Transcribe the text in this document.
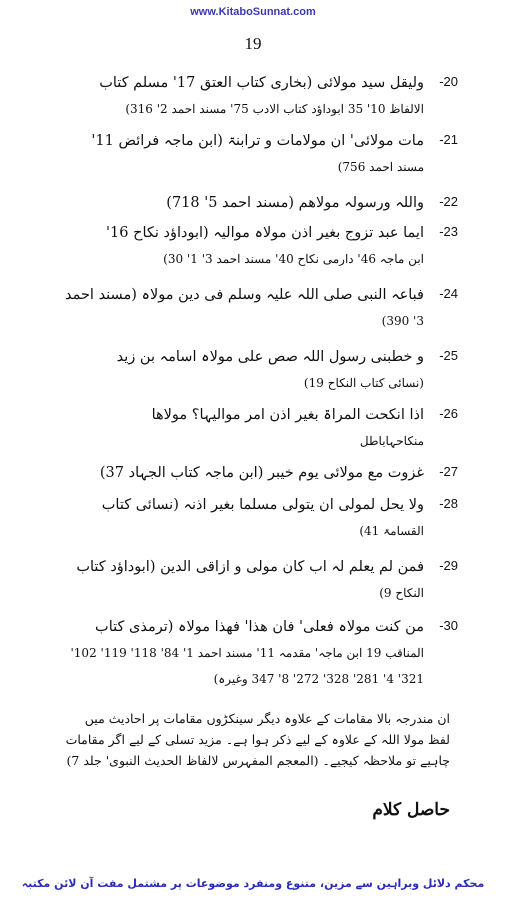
www.KitaboSunnat.com
19
-20
ولیقل سید مولائی (بخاری کتاب العتق 17' مسلم کتاب
الالفاظ 10' 35 ابوداؤد کتاب الادب 75' مسند احمد 2' 316)
-21
مات مولائی' ان مولامات و ترابنۃ (ابن ماجہ فرائض 11'
مسند احمد 756)
-22
واللہ ورسولہ مولاھم (مسند احمد 5' 718)
-23
ایما عبد تزوج بغیر اذن مولاہ موالیہ (ابوداؤد نکاح 16'
ابن ماجہ 46' دارمی نکاح 40' مسند احمد 3' 1' 30)
-24
فباعہ النبی صلی اللہ علیہ وسلم فی دین مولاہ (مسند احمد
3' 390)
-25
و خطبنی رسول اللہ صص علی مولاہ اسامہ بن زید
(نسائی کتاب النکاح 19)
-26
اذا انکحت المراۃ بغیر اذن امر موالیہا؟ مولاھا
منکاحہاباطل
-27
غزوت مع مولائی یوم خیبر (ابن ماجہ کتاب الجہاد 37)
-28
ولا یحل لمولی ان یتولی مسلما بغیر اذنہ (نسائی کتاب
القسامۃ 41)
-29
فمن لم یعلم لہ اب کان مولی و ازاقی الدین (ابوداؤد کتاب
النکاح 9)
-30
من کنت مولاہ فعلی' فان ھذا' فھذا مولاہ (ترمذی کتاب
المناقب 19 ابن ماجہ' مقدمہ 11' مسند احمد 1' 84' 118' 119' 102'
321' 4' 281' 328' 272' 8' 347 وغیرہ)
ان مندرجہ بالا مقامات کے علاوہ دیگر سینکڑوں مقامات پر احادیث میں
لفظ مولا اللہ کے علاوہ کے لیے ذکر ہوا ہے۔ مزید تسلی کے لیے اگر مقامات
چاہیے تو ملاحظہ کیجیے۔ (المعجم المفہرس لالفاظ الحدیث النبوی' جلد 7)
حاصل کلام
محکم دلائل وبراہین سے مزین، متنوع ومنفرد موضوعات پر مشتمل مفت آن لائن مکتبہ
